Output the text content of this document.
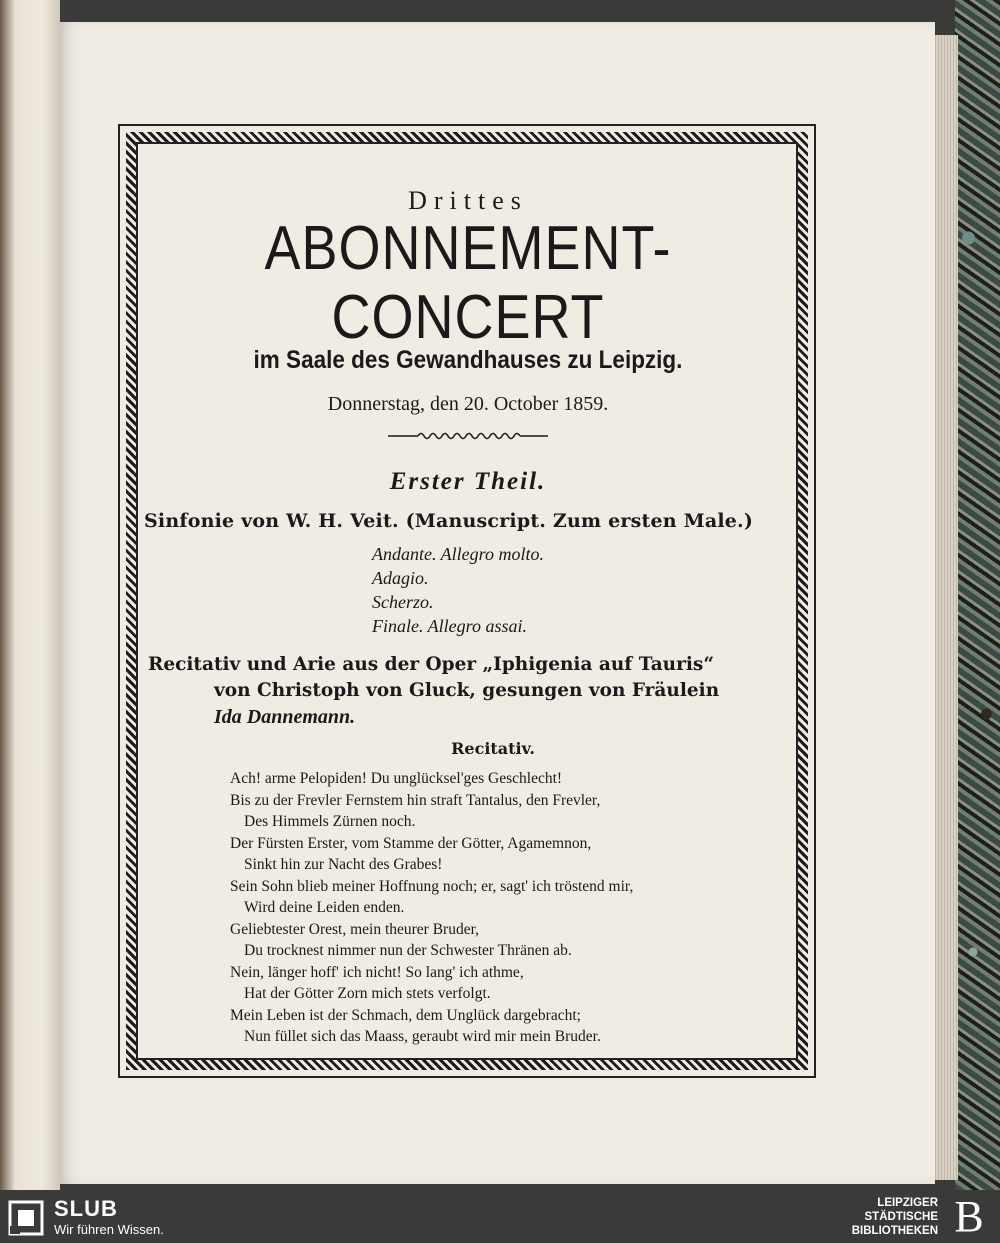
Drittes
ABONNEMENT-CONCERT
im Saale des Gewandhauses zu Leipzig.
Donnerstag, den 20. October 1859.
Erster Theil.
Sinfonie von W. H. Veit. (Manuscript. Zum ersten Male.)
Andante. Allegro molto.
Adagio.
Scherzo.
Finale. Allegro assai.
Recitativ und Arie aus der Oper „Iphigenia auf Tauris“
von Christoph von Gluck, gesungen von Fräulein
Ida Dannemann.
Recitativ.
Ach! arme Pelopiden! Du unglücksel'ges Geschlecht!
Bis zu der Frevler Fernstem hin straft Tantalus, den Frevler,
Des Himmels Zürnen noch.
Der Fürsten Erster, vom Stamme der Götter, Agamemnon,
Sinkt hin zur Nacht des Grabes!
Sein Sohn blieb meiner Hoffnung noch; er, sagt' ich tröstend mir,
Wird deine Leiden enden.
Geliebtester Orest, mein theurer Bruder,
Du trocknest nimmer nun der Schwester Thränen ab.
Nein, länger hoff' ich nicht! So lang' ich athme,
Hat der Götter Zorn mich stets verfolgt.
Mein Leben ist der Schmach, dem Unglück dargebracht;
Nun füllet sich das Maass, geraubt wird mir mein Bruder.
SLUB
Wir führen Wissen.
LEIPZIGER
STÄDTISCHE
BIBLIOTHEKEN B
